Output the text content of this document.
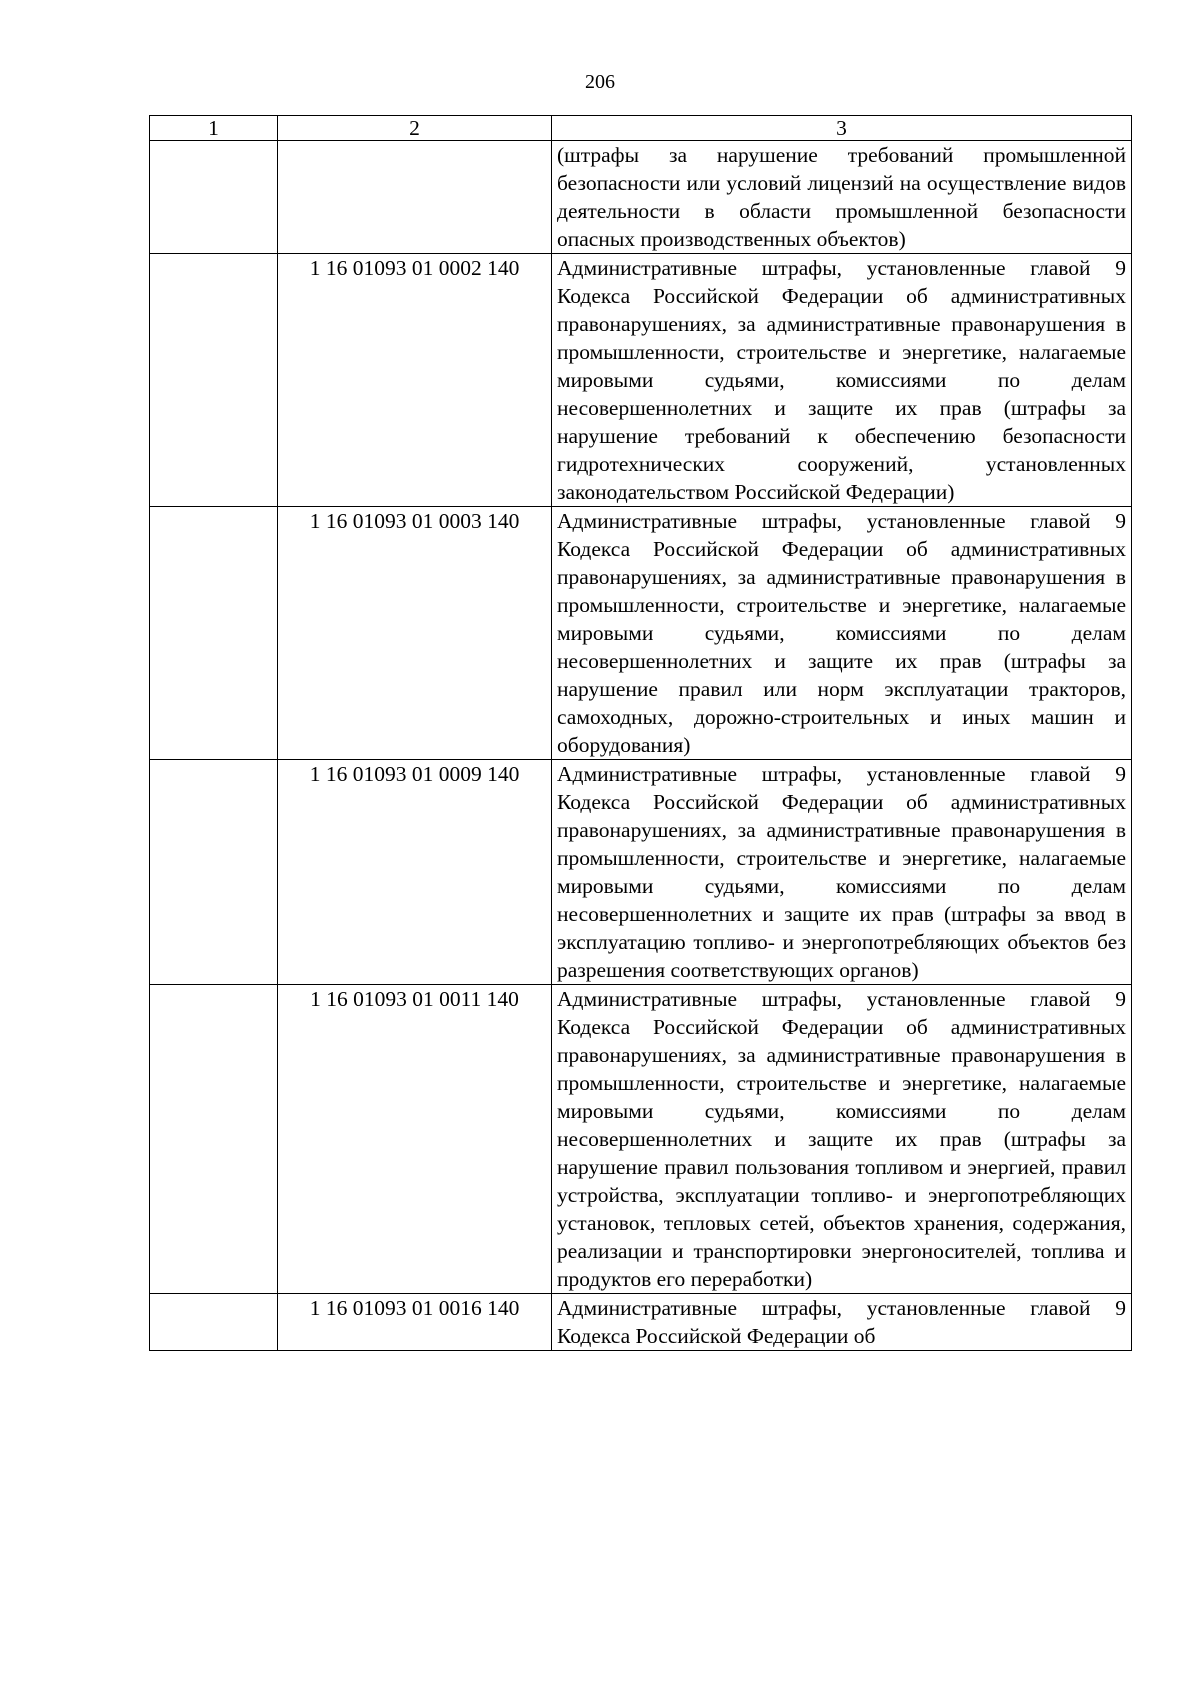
206
1	2	3
		(штрафы за нарушение требований промышленной безопасности или условий лицензий на осуществление видов деятельности в области промышленной безопасности опасных производственных объектов)
	1 16 01093 01 0002 140	Административные штрафы, установленные главой 9 Кодекса Российской Федерации об административных правонарушениях, за административные правонарушения в промышленности, строительстве и энергетике, налагаемые мировыми судьями, комиссиями по делам несовершеннолетних и защите их прав (штрафы за нарушение требований к обеспечению безопасности гидротехнических сооружений, установленных законодательством Российской Федерации)
	1 16 01093 01 0003 140	Административные штрафы, установленные главой 9 Кодекса Российской Федерации об административных правонарушениях, за административные правонарушения в промышленности, строительстве и энергетике, налагаемые мировыми судьями, комиссиями по делам несовершеннолетних и защите их прав (штрафы за нарушение правил или норм эксплуатации тракторов, самоходных, дорожно-строительных и иных машин и оборудования)
	1 16 01093 01 0009 140	Административные штрафы, установленные главой 9 Кодекса Российской Федерации об административных правонарушениях, за административные правонарушения в промышленности, строительстве и энергетике, налагаемые мировыми судьями, комиссиями по делам несовершеннолетних и защите их прав (штрафы за ввод в эксплуатацию топливо- и энергопотребляющих объектов без разрешения соответствующих органов)
	1 16 01093 01 0011 140	Административные штрафы, установленные главой 9 Кодекса Российской Федерации об административных правонарушениях, за административные правонарушения в промышленности, строительстве и энергетике, налагаемые мировыми судьями, комиссиями по делам несовершеннолетних и защите их прав (штрафы за нарушение правил пользования топливом и энергией, правил устройства, эксплуатации топливо- и энергопотребляющих установок, тепловых сетей, объектов хранения, содержания, реализации и транспортировки энергоносителей, топлива и продуктов его переработки)
	1 16 01093 01 0016 140	Административные штрафы, установленные главой 9 Кодекса Российской Федерации об
